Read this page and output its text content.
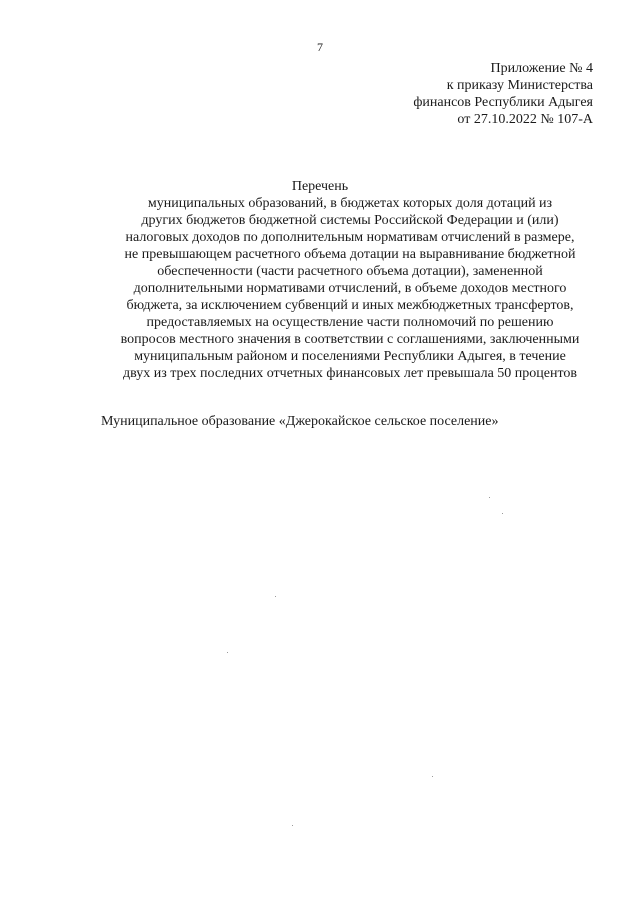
7
Приложение № 4
к приказу Министерства
финансов Республики Адыгея
от 27.10.2022 № 107-А
Перечень
муниципальных образований, в бюджетах которых доля дотаций из
других бюджетов бюджетной системы Российской Федерации и (или)
налоговых доходов по дополнительным нормативам отчислений в размере,
не превышающем расчетного объема дотации на выравнивание бюджетной
обеспеченности (части расчетного объема дотации), замененной
дополнительными нормативами отчислений, в объеме доходов местного
бюджета, за исключением субвенций и иных межбюджетных трансфертов,
предоставляемых на осуществление части полномочий по решению
вопросов местного значения в соответствии с соглашениями, заключенными
муниципальным районом и поселениями Республики Адыгея, в течение
двух из трех последних отчетных финансовых лет превышала 50 процентов
Муниципальное образование «Джерокайское сельское поселение»
